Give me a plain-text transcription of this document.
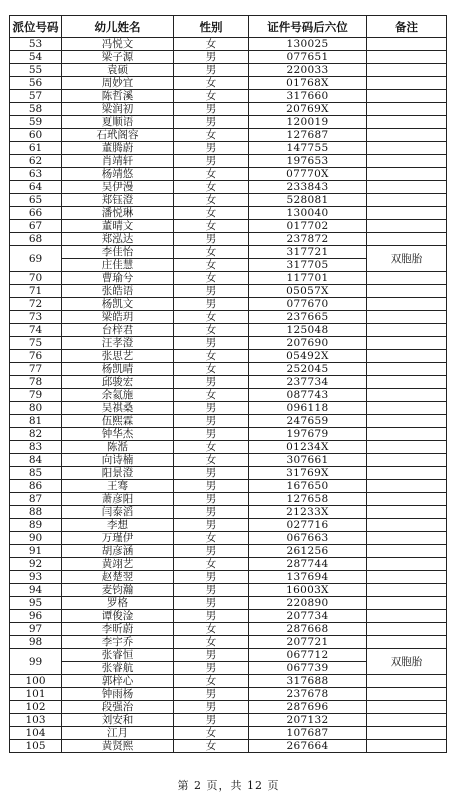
派位号码	幼儿姓名	性别	证件号码后六位	备注
53	冯悦文	女	130025	
54	梁子源	男	077651	
55	袁硕	男	220033	
56	周妙宜	女	01768X	
57	陈哲溪	女	317660	
58	梁润初	男	20769X	
59	夏顺语	男	120019	
60	石玳阁容	女	127687	
61	董腾蔚	男	147755	
62	肖靖轩	男	197653	
63	杨靖悠	女	07770X	
64	吴伊漫	女	233843	
65	郑钰澄	女	528081	
66	潘悦琳	女	130040	
67	董晴文	女	017702	
68	郑泓达	男	237872	
69	李佳怡	女	317721	双胞胎
	庄佳慧	女	317705	
70	曹瑜兮	女	117701	
71	张皓语	男	05057X	
72	杨凯文	男	077670	
73	梁皓玥	女	237665	
74	台梓君	女	125048	
75	汪孝澄	男	207690	
76	张思艺	女	05492X	
77	杨凯晴	女	252045	
78	邱骏宏	男	237734	
79	余氦施	女	087743	
80	吴祺桑	男	096118	
81	伍熙霖	男	247659	
82	钟华杰	男	197679	
83	陈湉	女	01234X	
84	向诗楠	女	307661	
85	阳景澄	男	31769X	
86	王骞	男	167650	
87	萧彦阳	男	127658	
88	闫泰滔	男	21233X	
89	李想	男	027716	
90	万瑾伊	女	067663	
91	胡彦涵	男	261256	
92	黄翊艺	女	287744	
93	赵楚翌	男	137694	
94	麦钧瀚	男	16003X	
95	罗格	男	220890	
96	谭俊淦	男	207734	
97	李昕蔚	女	287668	
98	李宇乔	女	207721	
99	张睿恒	男	067712	双胞胎
	张睿航	男	067739	
100	郭梓心	女	317688	
101	钟雨杨	男	237678	
102	段强治	男	287696	
103	刘安和	男	207132	
104	江月	女	107687	
105	黄贤熙	女	267664	
第 2 页，共 12 页
